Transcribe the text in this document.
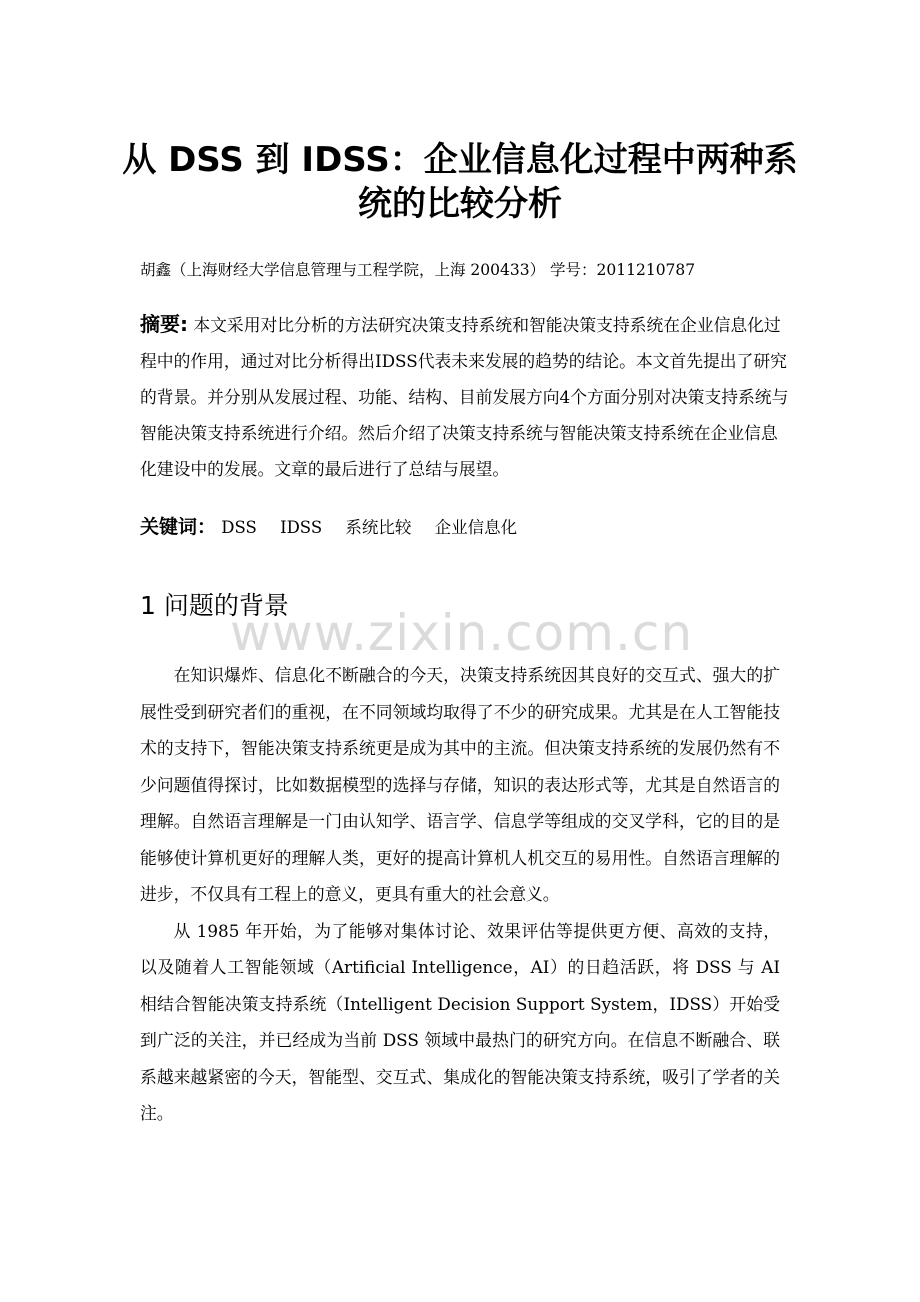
从 DSS 到 IDSS：企业信息化过程中两种系统的比较分析
胡鑫（上海财经大学信息管理与工程学院，上海 200433） 学号：2011210787
摘要: 本文采用对比分析的方法研究决策支持系统和智能决策支持系统在企业信息化过程中的作用，通过对比分析得出IDSS代表未来发展的趋势的结论。本文首先提出了研究的背景。并分别从发展过程、功能、结构、目前发展方向4个方面分别对决策支持系统与智能决策支持系统进行介绍。然后介绍了决策支持系统与智能决策支持系统在企业信息化建设中的发展。文章的最后进行了总结与展望。
关键词： DSS IDSS 系统比较 企业信息化
1 问题的背景
www.zixin.com.cn

在知识爆炸、信息化不断融合的今天，决策支持系统因其良好的交互式、强大的扩展性受到研究者们的重视，在不同领域均取得了不少的研究成果。尤其是在人工智能技术的支持下，智能决策支持系统更是成为其中的主流。但决策支持系统的发展仍然有不少问题值得探讨，比如数据模型的选择与存储，知识的表达形式等，尤其是自然语言的理解。自然语言理解是一门由认知学、语言学、信息学等组成的交叉学科，它的目的是能够使计算机更好的理解人类，更好的提高计算机人机交互的易用性。自然语言理解的进步，不仅具有工程上的意义，更具有重大的社会意义。

从 1985 年开始，为了能够对集体讨论、效果评估等提供更方便、高效的支持，以及随着人工智能领域（Artificial Intelligence，AI）的日趋活跃，将 DSS 与 AI 相结合智能决策支持系统（Intelligent Decision Support System，IDSS）开始受到广泛的关注，并已经成为当前 DSS 领域中最热门的研究方向。在信息不断融合、联系越来越紧密的今天，智能型、交互式、集成化的智能决策支持系统，吸引了学者的关注。
